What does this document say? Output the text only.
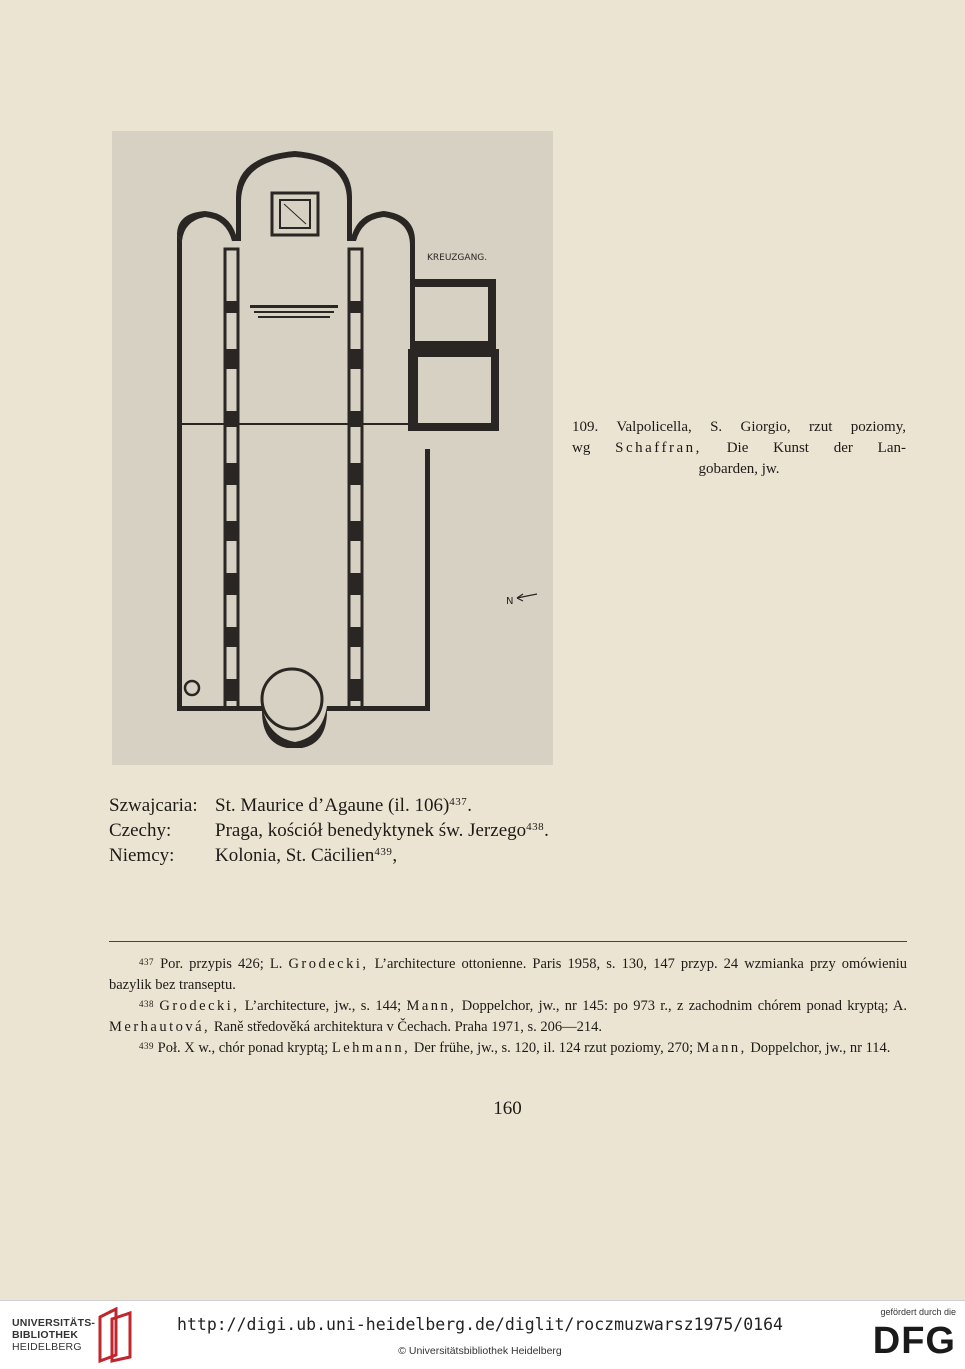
KREUZGANG.
N
109. Valpolicella, S. Giorgio, rzut poziomy,
wg Schaffran, Die Kunst der Lan-
gobarden, jw.
Szwajcaria: St. Maurice d’Agaune (il. 106)$^{437}$.
Czechy:	Praga, kościół benedyktynek św. Jerzego$^{438}$.
Niemcy:	Kolonia, St. Cäcilien$^{439}$,
$^{437}$ Por. przypis 426; L. Grodecki, L’architecture ottonienne. Paris 1958, s. 130, 147 przyp. 24 wzmianka przy omówieniu bazylik bez transeptu.
$^{438}$ Grodecki, L’architecture, jw., s. 144; Mann, Doppelchor, jw., nr 145: po 973 r., z zachodnim chórem ponad kryptą; A. Merhautová, Raně středověká architektura v Čechach. Praha 1971, s. 206—214.
$^{439}$ Poł. X w., chór ponad kryptą; Lehmann, Der frühe, jw., s. 120, il. 124 rzut poziomy, 270; Mann, Doppelchor, jw., nr 114.
160
UNIVERSITÄTS-
BIBLIOTHEK
HEIDELBERG
http://digi.ub.uni-heidelberg.de/diglit/roczmuzwarsz1975/0164
© Universitätsbibliothek Heidelberg
gefördert durch die
DFG
